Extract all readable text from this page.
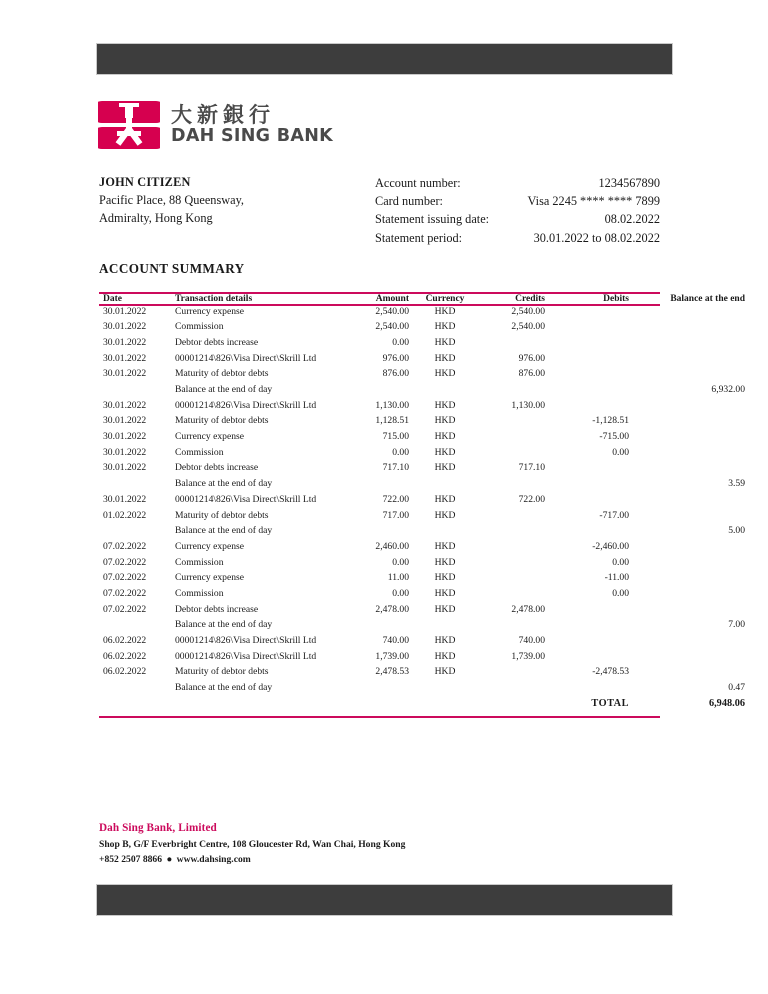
大新銀行
DAH SING BANK
JOHN CITIZEN
Pacific Place, 88 Queensway,
Admiralty, Hong Kong
Account number:	1234567890
Card number:	Visa 2245 **** **** 7899
Statement issuing date:	08.02.2022
Statement period:	30.01.2022 to 08.02.2022
ACCOUNT SUMMARY
Date	Transaction details	Amount	Currency	Credits	Debits	Balance at the end
30.01.2022	Currency expense	2,540.00	HKD	2,540.00		
30.01.2022	Commission	2,540.00	HKD	2,540.00		
30.01.2022	Debtor debts increase	0.00	HKD			
30.01.2022	00001214\826\Visa Direct\Skrill Ltd	976.00	HKD	976.00		
30.01.2022	Maturity of debtor debts	876.00	HKD	876.00		
	Balance at the end of day					6,932.00
30.01.2022	00001214\826\Visa Direct\Skrill Ltd	1,130.00	HKD	1,130.00		
30.01.2022	Maturity of debtor debts	1,128.51	HKD		-1,128.51	
30.01.2022	Currency expense	715.00	HKD		-715.00	
30.01.2022	Commission	0.00	HKD		0.00	
30.01.2022	Debtor debts increase	717.10	HKD	717.10		
	Balance at the end of day					3.59
30.01.2022	00001214\826\Visa Direct\Skrill Ltd	722.00	HKD	722.00		
01.02.2022	Maturity of debtor debts	717.00	HKD		-717.00	
	Balance at the end of day					5.00
07.02.2022	Currency expense	2,460.00	HKD		-2,460.00	
07.02.2022	Commission	0.00	HKD		0.00	
07.02.2022	Currency expense	11.00	HKD		-11.00	
07.02.2022	Commission	0.00	HKD		0.00	
07.02.2022	Debtor debts increase	2,478.00	HKD	2,478.00		
	Balance at the end of day					7.00
06.02.2022	00001214\826\Visa Direct\Skrill Ltd	740.00	HKD	740.00		
06.02.2022	00001214\826\Visa Direct\Skrill Ltd	1,739.00	HKD	1,739.00		
06.02.2022	Maturity of debtor debts	2,478.53	HKD		-2,478.53	
	Balance at the end of day					0.47
					TOTAL	6,948.06
Dah Sing Bank, Limited
Shop B, G/F Everbright Centre, 108 Gloucester Rd, Wan Chai, Hong Kong
+852 2507 8866 ● www.dahsing.com
